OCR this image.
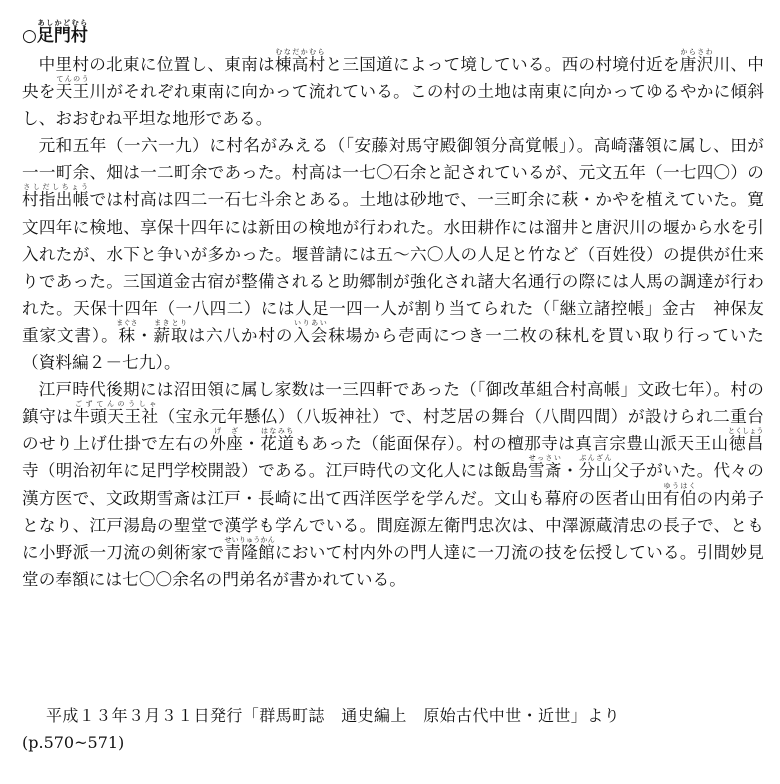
○足門村あしかどむら

中里村の北東に位置し、東南は棟高村むなだかむらと三国道によって境している。西の村境付近を唐沢からさわ川、中央を天王てんのう川がそれぞれ東南に向かって流れている。この村の土地は南東に向かってゆるやかに傾斜し、おおむね平坦な地形である。

元和五年（一六一九）に村名がみえる（「安藤対馬守殿御領分高覚帳」）。高崎藩領に属し、田が一一町余、畑は一二町余であった。村高は一七〇石余と記されているが、元文五年（一七四〇）の村指出帳さしだしちょうでは村高は四二一石七斗余とある。土地は砂地で、一三町余に萩・かやを植えていた。寛文四年に検地、享保十四年には新田の検地が行われた。水田耕作には溜井と唐沢川の堰から水を引入れたが、水下と争いが多かった。堰普請には五～六〇人の人足と竹など（百姓役）の提供が仕来りであった。三国道金古宿が整備されると助郷制が強化され諸大名通行の際には人馬の調達が行われた。天保十四年（一八四二）には人足一四一人が割り当てられた（「継立諸控帳」金古　神保友重家文書）。秣まぐさ・薪まき取とりは六八か村の入会いりあい秣場から壱両につき一二枚の秣札を買い取り行っていた（資料編２－七九）。

江戸時代後期には沼田領に属し家数は一三四軒であった（「御改革組合村高帳」文政七年）。村の鎮守は牛頭天王社ごずてんのうしゃ（宝永元年懸仏）（八坂神社）で、村芝居の舞台（八間四間）が設けられ二重台のせり上げ仕掛で左右の外座げざ・花道はなみちもあった（能面保存）。村の檀那寺は真言宗豊山派天王山徳昌とくしょう寺（明治初年に足門学校開設）である。江戸時代の文化人には飯島雪斎せっさい・分山ぶんざん父子がいた。代々の漢方医で、文政期雪斎は江戸・長崎に出て西洋医学を学んだ。文山も幕府の医者山田有伯ゆうはくの内弟子となり、江戸湯島の聖堂で漢学も学んでいる。間庭源左衛門忠次は、中澤源蔵清忠の長子で、ともに小野派一刀流の剣術家で青隆館せいりゅうかんにおいて村内外の門人達に一刀流の技を伝授している。引間妙見堂の奉額には七〇〇余名の門弟名が書かれている。

平成１３年３月３１日発行「群馬町誌　通史編上　原始古代中世・近世」より

(p.570~571)
